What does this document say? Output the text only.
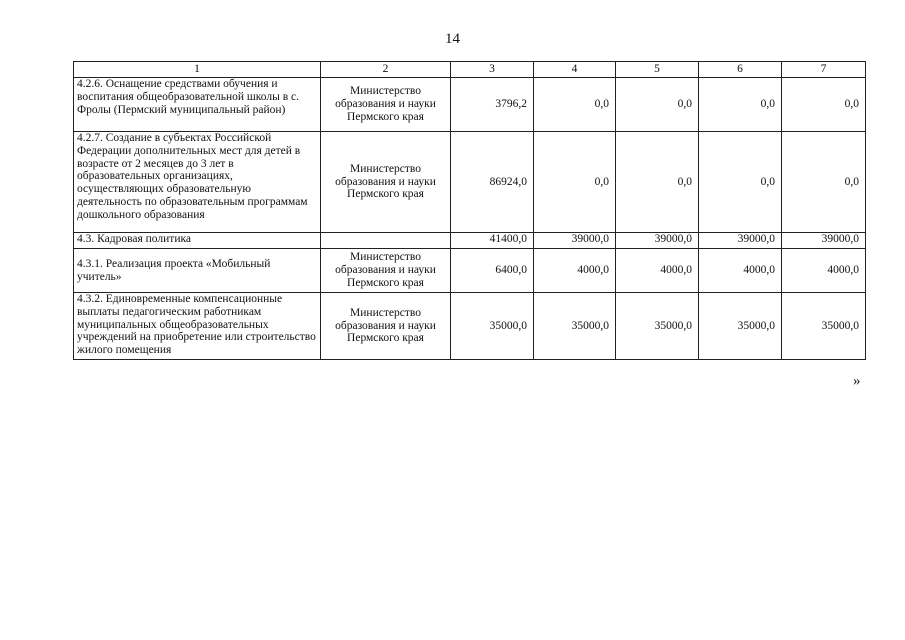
14
1	2	3	4	5	6	7
4.2.6. Оснащение средствами обучения и воспитания общеобразовательной школы в с. Фролы (Пермский муниципальный район)	Министерство образования и науки Пермского края	3796,2	0,0	0,0	0,0	0,0
4.2.7. Создание в субъектах Российской Федерации дополнительных мест для детей в возрасте от 2 месяцев до 3 лет в образовательных организациях, осуществляющих образовательную деятельность по образовательным программам дошкольного образования	Министерство образования и науки Пермского края	86924,0	0,0	0,0	0,0	0,0
4.3. Кадровая политика		41400,0	39000,0	39000,0	39000,0	39000,0
4.3.1. Реализация проекта «Мобильный учитель»	Министерство образования и науки Пермского края	6400,0	4000,0	4000,0	4000,0	4000,0
4.3.2. Единовременные компенсационные выплаты педагогическим работникам муниципальных общеобразовательных учреждений на приобретение или строительство жилого помещения	Министерство образования и науки Пермского края	35000,0	35000,0	35000,0	35000,0	35000,0
»
